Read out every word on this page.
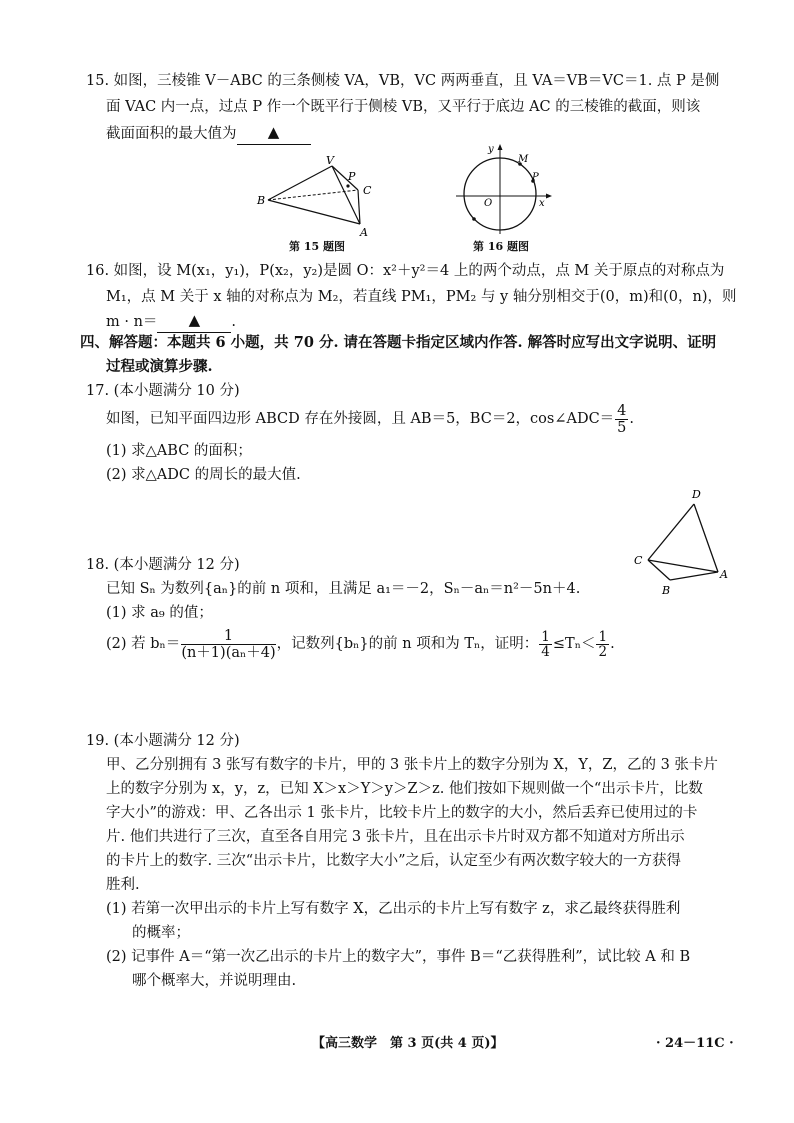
15. 如图，三棱锥 V－ABC 的三条侧棱 VA，VB，VC 两两垂直，且 VA＝VB＝VC＝1. 点 P 是侧
面 VAC 内一点，过点 P 作一个既平行于侧棱 VB，又平行于底边 AC 的三棱锥的截面，则该
截面面积的最大值为 ▲
V
P
C
B
A
第 15 题图
y
M
P
O	x
第 16 题图
16. 如图，设 M(x₁，y₁)，P(x₂，y₂)是圆 O：x²＋y²＝4 上的两个动点，点 M 关于原点的对称点为
M₁，点 M 关于 x 轴的对称点为 M₂，若直线 PM₁，PM₂ 与 y 轴分别相交于(0，m)和(0，n)，则
m · n＝ ▲ .
四、解答题：本题共 6 小题，共 70 分. 请在答题卡指定区域内作答. 解答时应写出文字说明、证明
过程或演算步骤.
17. (本小题满分 10 分)
如图，已知平面四边形 ABCD 存在外接圆，且 AB＝5，BC＝2，cos∠ADC＝ $\frac{4}{5}$ .
(1) 求△ABC 的面积；
(2) 求△ADC 的周长的最大值.
D
C
A
B
18. (本小题满分 12 分)
已知 Sₙ 为数列{aₙ}的前 n 项和，且满足 a₁＝－2，Sₙ－aₙ＝n²－5n＋4.
(1) 求 a₉ 的值；
(2) 若 $b_n= \frac{1}{\text{(n＋1)(aₙ＋4)}}$ ，记数列{bₙ}的前 n 项和为 Tₙ，证明： $\frac{1}{4} \le T_n< \frac{1}{2}$ .
19. (本小题满分 12 分)
甲、乙分别拥有 3 张写有数字的卡片，甲的 3 张卡片上的数字分别为 X，Y，Z，乙的 3 张卡片
上的数字分别为 x，y，z，已知 X＞x＞Y＞y＞Z＞z. 他们按如下规则做一个“出示卡片，比数
字大小”的游戏：甲、乙各出示 1 张卡片，比较卡片上的数字的大小，然后丢弃已使用过的卡
片. 他们共进行了三次，直至各自用完 3 张卡片，且在出示卡片时双方都不知道对方所出示
的卡片上的数字. 三次“出示卡片，比数字大小”之后，认定至少有两次数字较大的一方获得
胜利.
(1) 若第一次甲出示的卡片上写有数字 X，乙出示的卡片上写有数字 z，求乙最终获得胜利
的概率；
(2) 记事件 A＝“第一次乙出示的卡片上的数字大”，事件 B＝“乙获得胜利”，试比较 A 和 B
哪个概率大，并说明理由.
【高三数学　第 3 页(共 4 页)】	· 24－11C ·
